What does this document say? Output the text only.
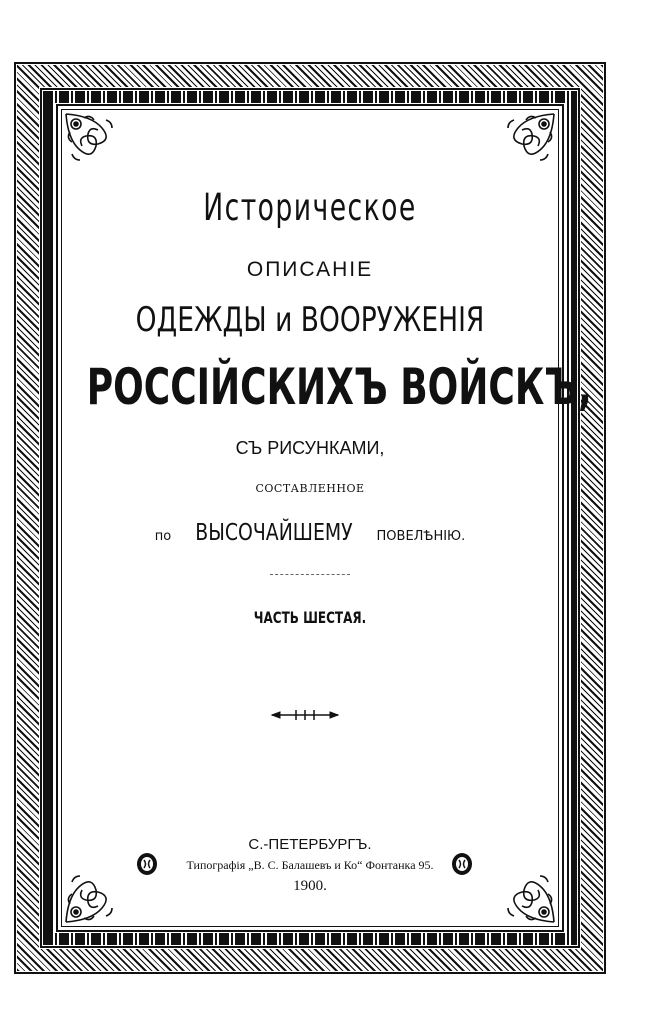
Историческое
ОПИСАНІЕ
ОДЕЖДЫ и ВООРУЖЕНІЯ
РОССІЙСКИХЪ ВОЙСКЪ,
СЪ РИСУНКАМИ,
СОСТАВЛЕННОЕ
по ВЫСОЧАЙШЕМУ ПОВЕЛѢНІЮ.
ЧАСТЬ ШЕСТАЯ.
С.-ПЕТЕРБУРГЪ.
Типографія „В. С. Балашевъ и Ко“ Фонтанка 95.
1900.
